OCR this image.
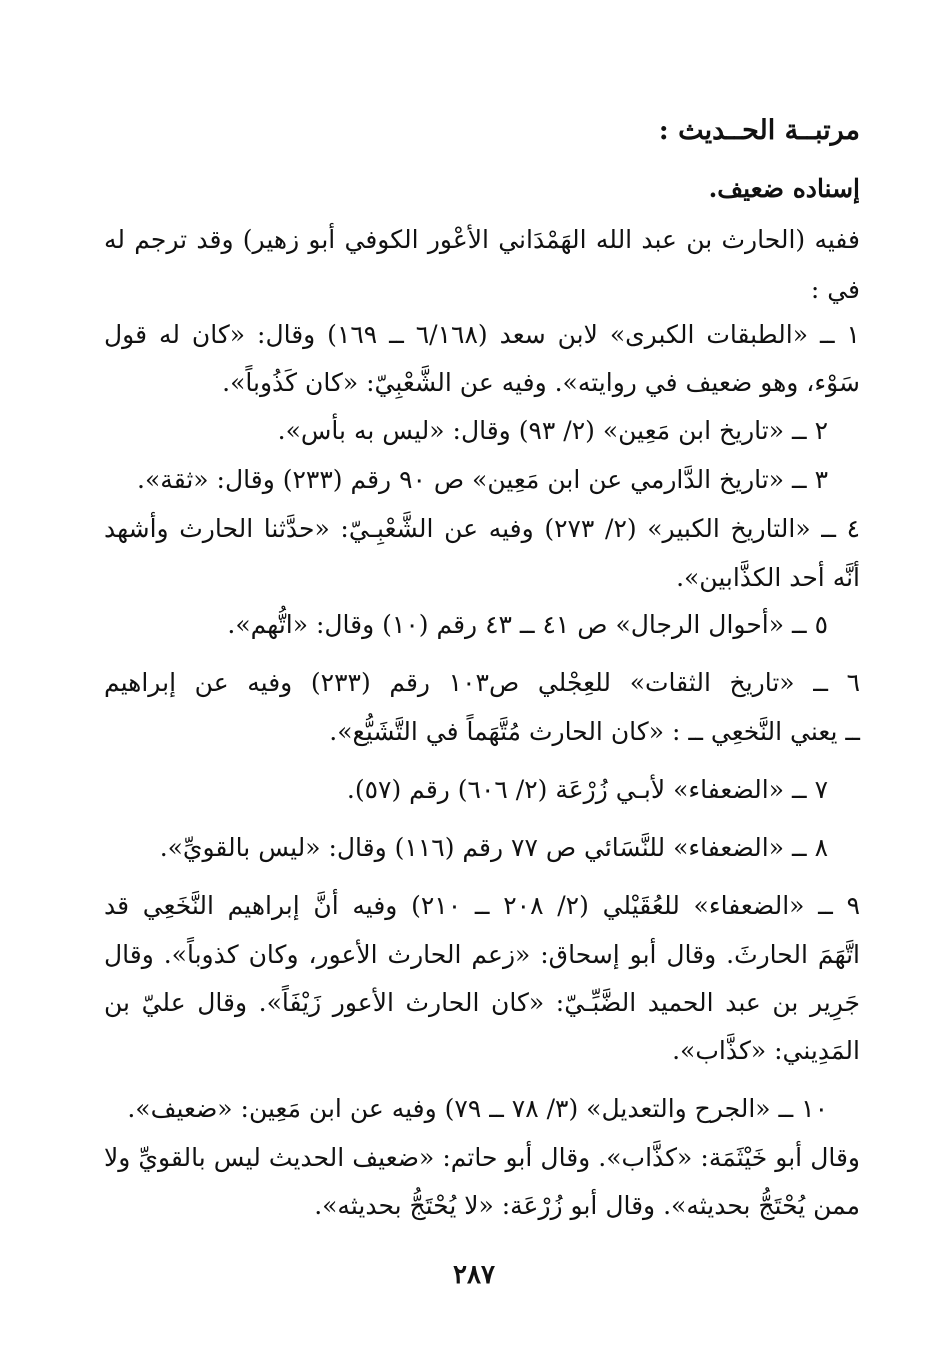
مرتبــة الحــديث :
إسناده ضعيف.
ففيه (الحارث بن عبد الله الهَمْدَاني الأعْور الكوفي أبو زهير) وقد ترجم له
في :
١ ــ «الطبقات الكبرى» لابن سعد (٦/١٦٨ ــ ١٦٩) وقال: «كان له قول
سَوْء، وهو ضعيف في روايته». وفيه عن الشَّعْبِيّ: «كان كَذُوباً».
٢ ــ «تاريخ ابن مَعِين» (٢/ ٩٣) وقال: «ليس به بأس».
٣ ــ «تاريخ الدَّارمي عن ابن مَعِين» ص ٩٠ رقم (٢٣٣) وقال: «ثقة».
٤ ــ «التاريخ الكبير» (٢/ ٢٧٣) وفيه عن الشَّعْبِـيّ: «حدَّثنا الحارث وأشهد
أنَّه أحد الكذَّابين».
٥ ــ «أحوال الرجال» ص ٤١ ــ ٤٣ رقم (١٠) وقال: «اتُّهم».
٦ ــ «تاريخ الثقات» للعِجْلي ص١٠٣ رقم (٢٣٣) وفيه عن إبراهيم
ــ يعني النَّخعِي ــ : «كان الحارث مُتَّهَماً في التَّشَيُّع».
٧ ــ «الضعفاء» لأبـي زُرْعَة (٢/ ٦٠٦) رقم (٥٧).
٨ ــ «الضعفاء» للنَّسَائي ص ٧٧ رقم (١١٦) وقال: «ليس بالقويِّ».
٩ ــ «الضعفاء» للعُقَيْلي (٢/ ٢٠٨ ــ ٢١٠) وفيه أنَّ إبراهيم النَّخَعِي قد
اتَّهَمَ الحارثَ. وقال أبو إسحاق: «زعم الحارث الأعور، وكان كذوباً». وقال
جَرِير بن عبد الحميد الضَّبِّـيّ: «كان الحارث الأعور زَيْفَاً». وقال عليّ بن
المَدِيني: «كذَّاب».
١٠ ــ «الجرح والتعديل» (٣/ ٧٨ ــ ٧٩) وفيه عن ابن مَعِين: «ضعيف».
وقال أبو خَيْثَمَة: «كذَّاب». وقال أبو حاتم: «ضعيف الحديث ليس بالقويِّ ولا
ممن يُحْتَجُّ بحديثه». وقال أبو زُرْعَة: «لا يُحْتَجُّ بحديثه».
٢٨٧
